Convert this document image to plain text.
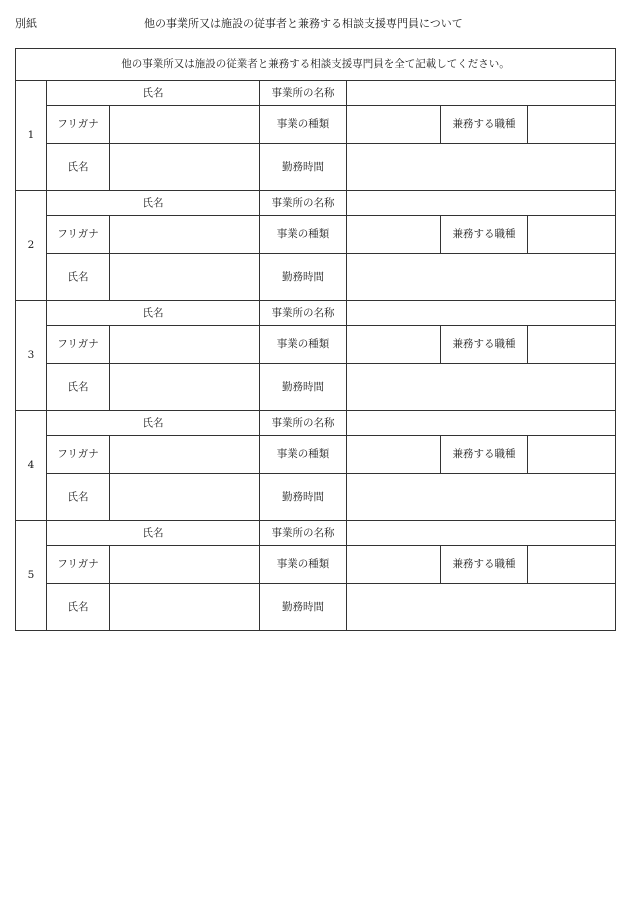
別紙	他の事業所又は施設の従事者と兼務する相談支援専門員について
他の事業所又は施設の従業者と兼務する相談支援専門員を全て記載してください。						
1	氏名		事業所の名称			
	フリガナ		事業の種類		兼務する職種	
	氏名		勤務時間			
2	氏名		事業所の名称			
	フリガナ		事業の種類		兼務する職種	
	氏名		勤務時間			
3	氏名		事業所の名称			
	フリガナ		事業の種類		兼務する職種	
	氏名		勤務時間			
4	氏名		事業所の名称			
	フリガナ		事業の種類		兼務する職種	
	氏名		勤務時間			
5	氏名		事業所の名称			
	フリガナ		事業の種類		兼務する職種	
	氏名		勤務時間			
